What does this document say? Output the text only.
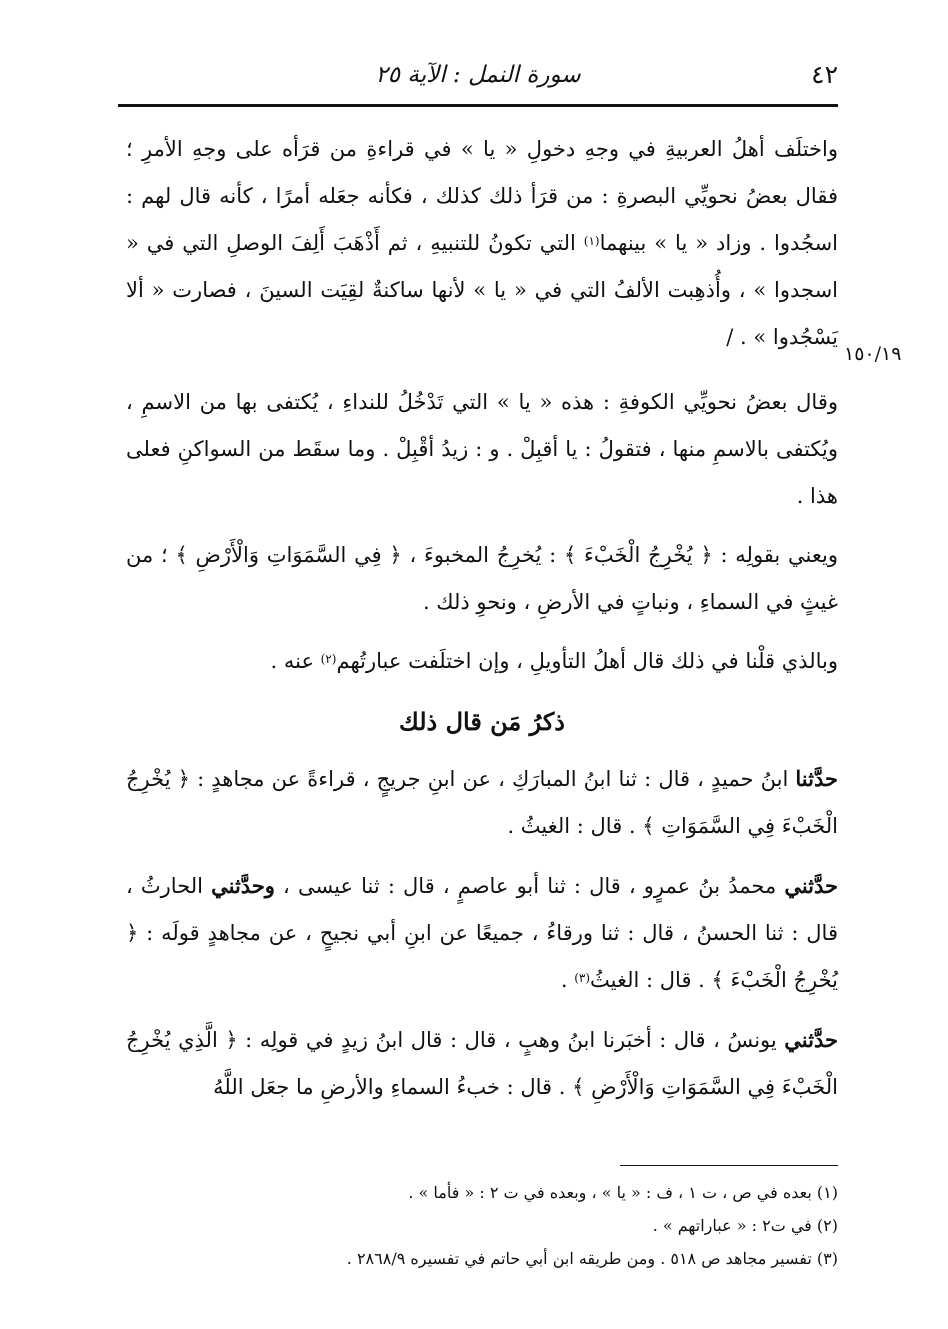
٤٢
سورة النمل : الآية ٢٥
١٥٠/١٩

واختلَف أهلُ العربيةِ في وجهِ دخولِ « يا » في قراءةِ من قرَأه على وجهِ الأمرِ ؛ فقال بعضُ نحويِّي البصرةِ : من قرَأ ذلك كذلك ، فكأنه جعَله أمرًا ، كأنه قال لهم : اسجُدوا . وزاد « يا » بينهما$^{(١)}$ التي تكونُ للتنبيهِ ، ثم أَذْهَبَ أَلِفَ الوصلِ التي في « اسجدوا » ، وأُذهِبت الألفُ التي في « يا » لأنها ساكنةٌ لقِيَت السينَ ، فصارت « ألا يَسْجُدوا » . /

وقال بعضُ نحويِّي الكوفةِ : هذه « يا » التي تَدْخُلُ للنداءِ ، يُكتفى بها من الاسمِ ، ويُكتفى بالاسمِ منها ، فتقولُ : يا أقبِلْ . و : زيدُ أقْبِلْ . وما سقَط من السواكنِ فعلى هذا .

ويعني بقولِه : ﴿ يُخْرِجُ الْخَبْءَ ﴾ : يُخرِجُ المخبوءَ ، ﴿ فِي السَّمَوَاتِ وَالْأَرْضِ ﴾ ؛ من غيثٍ في السماءِ ، ونباتٍ في الأرضِ ، ونحوِ ذلك .

وبالذي قلْنا في ذلك قال أهلُ التأويلِ ، وإن اختلَفت عبارتُهم$^{(٢)}$ عنه .

ذكرُ مَن قال ذلك

حدَّثنا ابنُ حميدٍ ، قال : ثنا ابنُ المبارَكِ ، عن ابنِ جريجٍ ، قراءةً عن مجاهدٍ : ﴿ يُخْرِجُ الْخَبْءَ فِي السَّمَوَاتِ ﴾ . قال : الغيثُ .

حدَّثني محمدُ بنُ عمرٍو ، قال : ثنا أبو عاصمٍ ، قال : ثنا عيسى ، وحدَّثني الحارثُ ، قال : ثنا الحسنُ ، قال : ثنا ورقاءُ ، جميعًا عن ابنِ أبي نجيحٍ ، عن مجاهدٍ قولَه : ﴿ يُخْرِجُ الْخَبْءَ ﴾ . قال : الغيثُ$^{(٣)}$ .

حدَّثني يونسُ ، قال : أخبَرنا ابنُ وهبٍ ، قال : قال ابنُ زيدٍ في قولِه : ﴿ الَّذِي يُخْرِجُ الْخَبْءَ فِي السَّمَوَاتِ وَالْأَرْضِ ﴾ . قال : خبءُ السماءِ والأرضِ ما جعَل اللَّهُ

(١) بعده في ص ، ت ١ ، ف : « يا » ، وبعده في ت ٢ : « فأما » .

(٢) في ت٢ : « عباراتهم » .

(٣) تفسير مجاهد ص ٥١٨ . ومن طريقه ابن أبي حاتم في تفسيره ٢٨٦٨/٩ .
